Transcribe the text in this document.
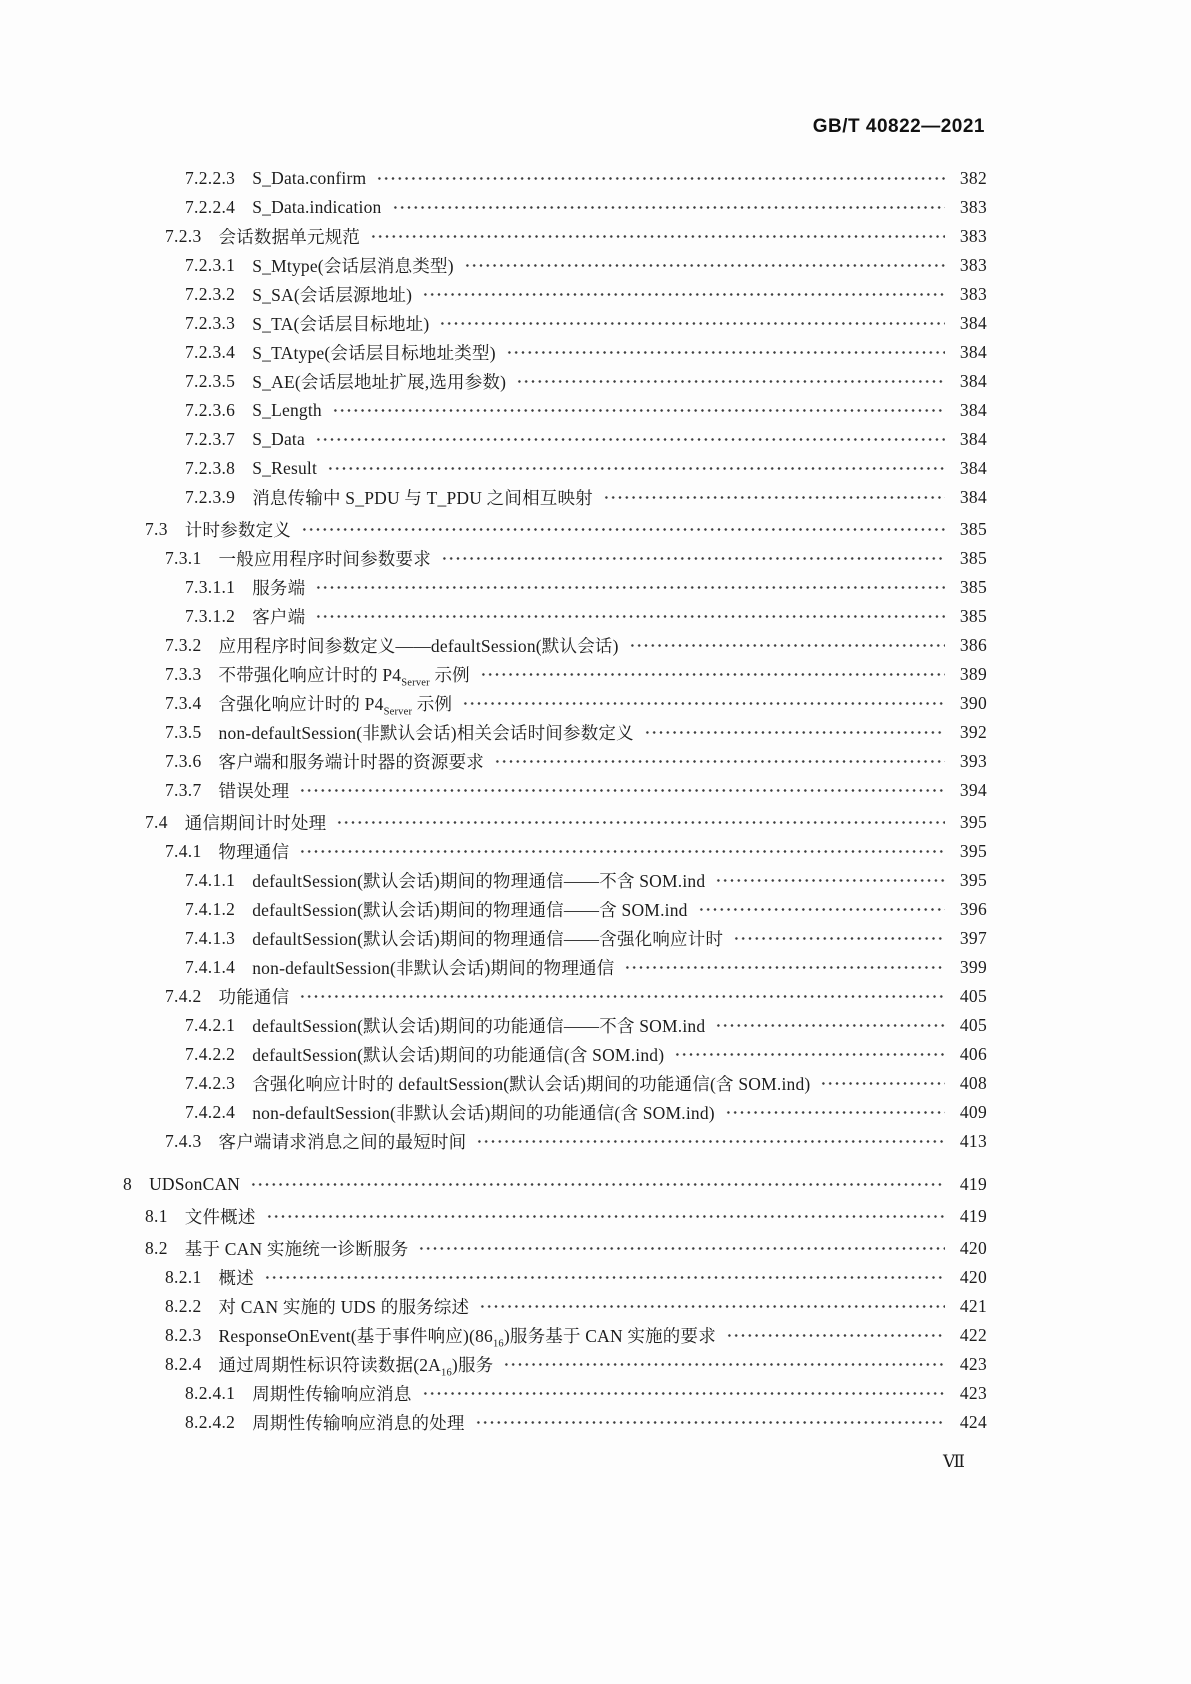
GB/T 40822—2021
7.2.2.3 S_Data.confirm	382
7.2.2.4 S_Data.indication	383
7.2.3 会话数据单元规范	383
7.2.3.1 S_Mtype(会话层消息类型)	383
7.2.3.2 S_SA(会话层源地址)	383
7.2.3.3 S_TA(会话层目标地址)	384
7.2.3.4 S_TAtype(会话层目标地址类型)	384
7.2.3.5 S_AE(会话层地址扩展,选用参数)	384
7.2.3.6 S_Length	384
7.2.3.7 S_Data	384
7.2.3.8 S_Result	384
7.2.3.9 消息传输中 S_PDU 与 T_PDU 之间相互映射	384
7.3 计时参数定义	385
7.3.1 一般应用程序时间参数要求	385
7.3.1.1 服务端	385
7.3.1.2 客户端	385
7.3.2 应用程序时间参数定义——defaultSession(默认会话)	386
7.3.3 不带强化响应计时的 $P4_{Server}$ 示例	389
7.3.4 含强化响应计时的 $P4_{Server}$ 示例	390
7.3.5 non-defaultSession(非默认会话)相关会话时间参数定义	392
7.3.6 客户端和服务端计时器的资源要求	393
7.3.7 错误处理	394
7.4 通信期间计时处理	395
7.4.1 物理通信	395
7.4.1.1 defaultSession(默认会话)期间的物理通信——不含 SOM.ind	395
7.4.1.2 defaultSession(默认会话)期间的物理通信——含 SOM.ind	396
7.4.1.3 defaultSession(默认会话)期间的物理通信——含强化响应计时	397
7.4.1.4 non-defaultSession(非默认会话)期间的物理通信	399
7.4.2 功能通信	405
7.4.2.1 defaultSession(默认会话)期间的功能通信——不含 SOM.ind	405
7.4.2.2 defaultSession(默认会话)期间的功能通信(含 SOM.ind)	406
7.4.2.3 含强化响应计时的 defaultSession(默认会话)期间的功能通信(含 SOM.ind)	408
7.4.2.4 non-defaultSession(非默认会话)期间的功能通信(含 SOM.ind)	409
7.4.3 客户端请求消息之间的最短时间	413
8 UDSonCAN	419
8.1 文件概述	419
8.2 基于 CAN 实施统一诊断服务	420
8.2.1 概述	420
8.2.2 对 CAN 实施的 UDS 的服务综述	421
8.2.3 ResponseOnEvent(基于事件响应)$(86_{16})$服务基于 CAN 实施的要求	422
8.2.4 通过周期性标识符读数据$(2A_{16})$服务	423
8.2.4.1 周期性传输响应消息	423
8.2.4.2 周期性传输响应消息的处理	424
Ⅶ
